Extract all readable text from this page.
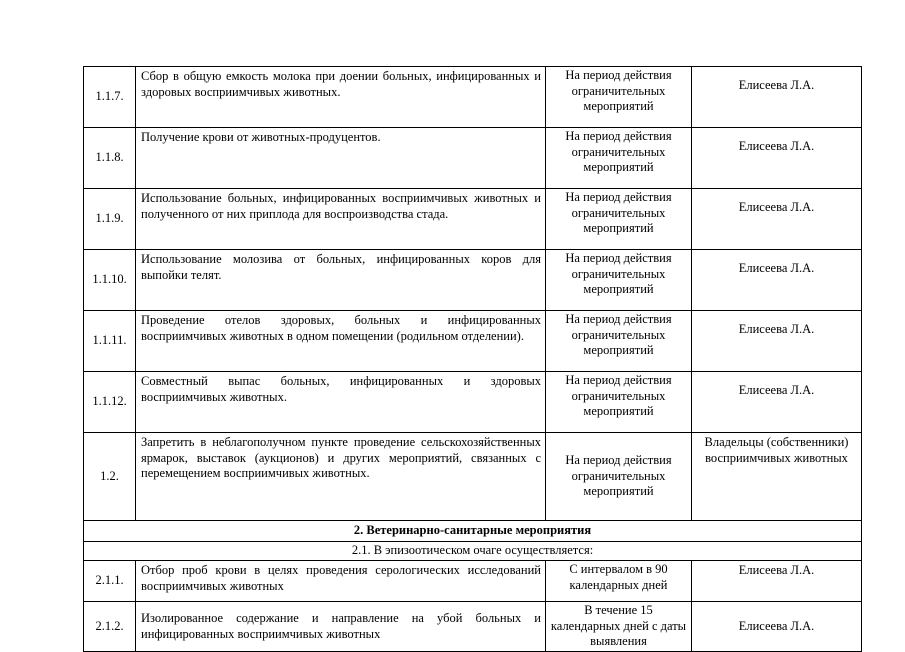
1.1.7.	Сбор в общую емкость молока при доении больных, инфицированных и здоровых восприимчивых животных.	На период действия ограничительных мероприятий	Елисеева Л.А.
1.1.8.	Получение крови от животных-продуцентов.	На период действия ограничительных мероприятий	Елисеева Л.А.
1.1.9.	Использование больных, инфицированных восприимчивых животных и полученного от них приплода для воспроизводства стада.	На период действия ограничительных мероприятий	Елисеева Л.А.
1.1.10.	Использование молозива от больных, инфицированных коров для выпойки телят.	На период действия ограничительных мероприятий	Елисеева Л.А.
1.1.11.	Проведение отелов здоровых, больных и инфицированных восприимчивых животных в одном помещении (родильном отделении).	На период действия ограничительных мероприятий	Елисеева Л.А.
1.1.12.	Совместный выпас больных, инфицированных и здоровых восприимчивых животных.	На период действия ограничительных мероприятий	Елисеева Л.А.
1.2.	Запретить в неблагополучном пункте проведение сельскохозяйственных ярмарок, выставок (аукционов) и других мероприятий, связанных с перемещением восприимчивых животных.	На период действия ограничительных мероприятий	Владельцы (собственники) восприимчивых животных
2. Ветеринарно-санитарные мероприятия			
2.1. В эпизоотическом очаге осуществляется:			
2.1.1.	Отбор проб крови в целях проведения серологических исследований восприимчивых животных	С интервалом в 90 календарных дней	Елисеева Л.А.
2.1.2.	Изолированное содержание и направление на убой больных и инфицированных восприимчивых животных	В течение 15 календарных дней с даты выявления	Елисеева Л.А.
